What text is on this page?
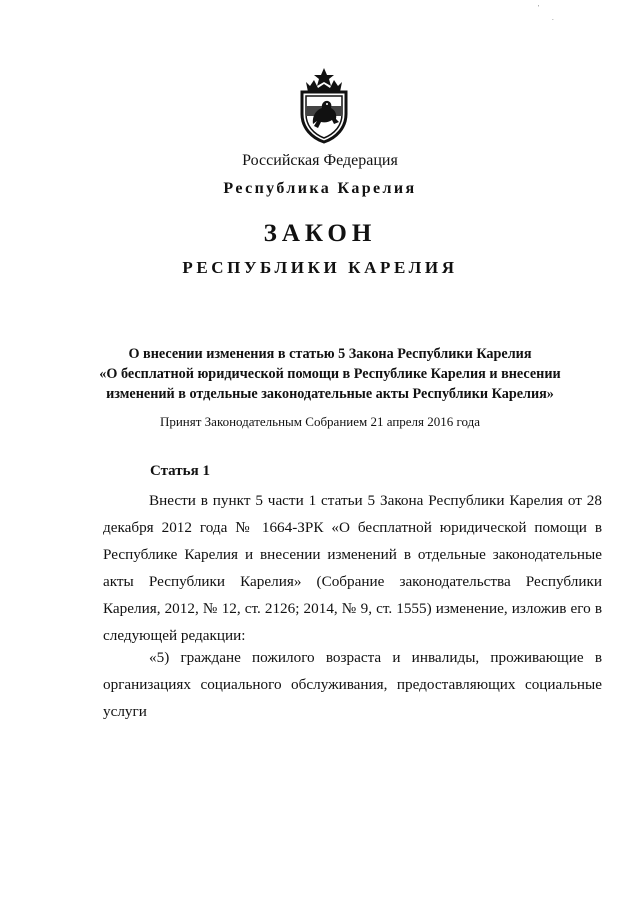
'
.
Российская Федерация
Республика Карелия
ЗАКОН
РЕСПУБЛИКИ КАРЕЛИЯ
О внесении изменения в статью 5 Закона Республики Карелия
«О бесплатной юридической помощи в Республике Карелия и внесении
изменений в отдельные законодательные акты Республики Карелия»
Принят Законодательным Собранием 21 апреля 2016 года
Статья 1
Внести в пункт 5 части 1 статьи 5 Закона Республики Карелия от 28 декабря 2012 года № 1664-ЗРК «О бесплатной юридической помощи в Республике Карелия и внесении изменений в отдельные законодательные акты Республики Карелия» (Собрание законодательства Республики Карелия, 2012, № 12, ст. 2126; 2014, № 9, ст. 1555) изменение, изложив его в следующей редакции:
«5) граждане пожилого возраста и инвалиды, проживающие в организациях социального обслуживания, предоставляющих социальные услуги
